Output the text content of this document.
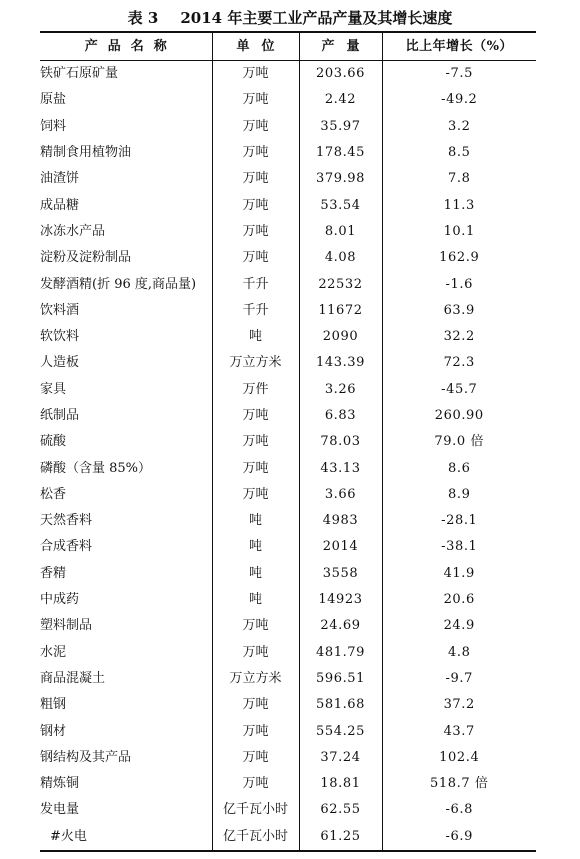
表 3 2014 年主要工业产品产量及其增长速度
产品名称	单位	产量	比上年增长（%）
铁矿石原矿量	万吨	203.66	-7.5
原盐	万吨	2.42	-49.2
饲料	万吨	35.97	3.2
精制食用植物油	万吨	178.45	8.5
油渣饼	万吨	379.98	7.8
成品糖	万吨	53.54	11.3
冰冻水产品	万吨	8.01	10.1
淀粉及淀粉制品	万吨	4.08	162.9
发酵酒精(折 96 度,商品量)	千升	22532	-1.6
饮料酒	千升	11672	63.9
软饮料	吨	2090	32.2
人造板	万立方米	143.39	72.3
家具	万件	3.26	-45.7
纸制品	万吨	6.83	260.90
硫酸	万吨	78.03	79.0 倍
磷酸（含量 85%）	万吨	43.13	8.6
松香	万吨	3.66	8.9
天然香料	吨	4983	-28.1
合成香料	吨	2014	-38.1
香精	吨	3558	41.9
中成药	吨	14923	20.6
塑料制品	万吨	24.69	24.9
水泥	万吨	481.79	4.8
商品混凝土	万立方米	596.51	-9.7
粗钢	万吨	581.68	37.2
钢材	万吨	554.25	43.7
钢结构及其产品	万吨	37.24	102.4
精炼铜	万吨	18.81	518.7 倍
发电量	亿千瓦小时	62.55	-6.8
#火电	亿千瓦小时	61.25	-6.9
